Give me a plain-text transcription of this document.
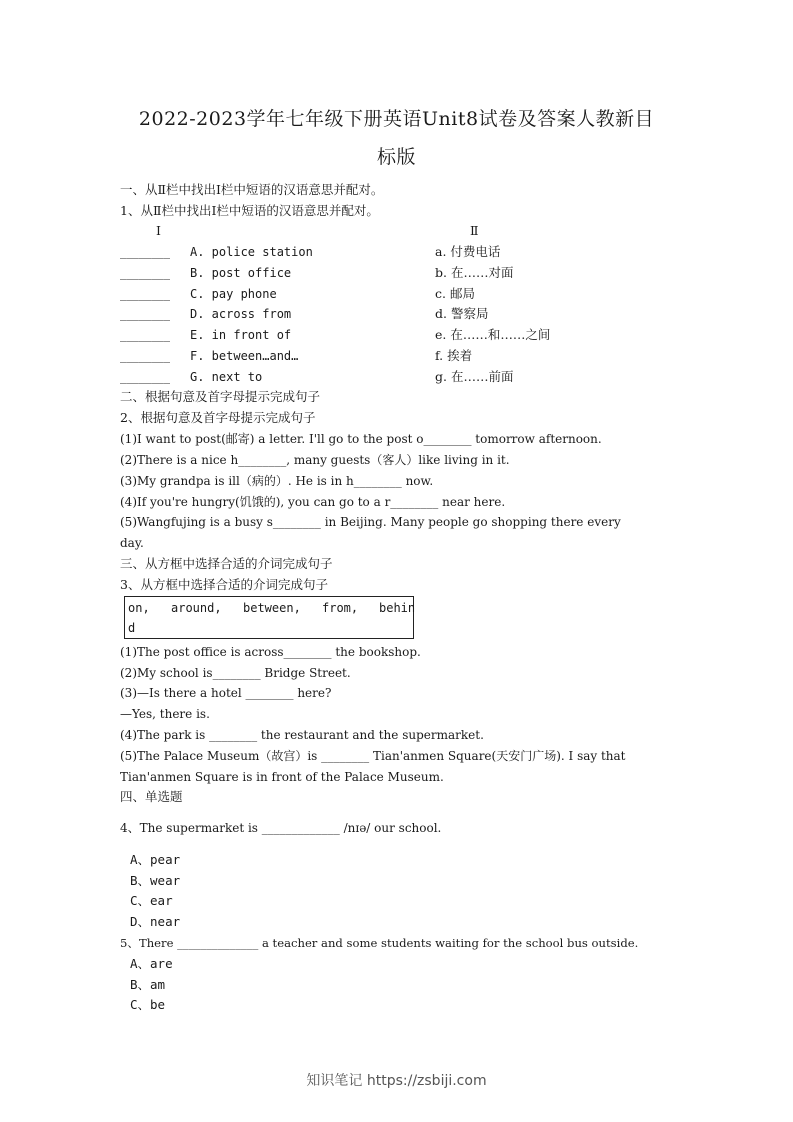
2022-2023学年七年级下册英语Unit8试卷及答案人教新目
标版
一、从Ⅱ栏中找出Ⅰ栏中短语的汉语意思并配对。
1、从Ⅱ栏中找出Ⅰ栏中短语的汉语意思并配对。
Ⅰ	Ⅱ
________ A. police station	a. 付费电话
________ B. post office	b. 在……对面
________ C. pay phone	c. 邮局
________ D. across from	d. 警察局
________ E. in front of	e. 在……和……之间
________ F. between…and…	f. 挨着
________ G. next to	g. 在……前面
二、根据句意及首字母提示完成句子
2、根据句意及首字母提示完成句子
(1)I want to post(邮寄) a letter. I'll go to the post o________ tomorrow afternoon.
(2)There is a nice h________, many guests（客人）like living in it.
(3)My grandpa is ill（病的）. He is in h________ now.
(4)If you're hungry(饥饿的), you can go to a r________ near here.
(5)Wangfujing is a busy s________ in Beijing. Many people go shopping there every
day.
三、从方框中选择合适的介词完成句子
3、从方框中选择合适的介词完成句子
on, around, between, from, behin
d
(1)The post office is across________ the bookshop.
(2)My school is________ Bridge Street.
(3)—Is there a hotel ________ here?
—Yes, there is.
(4)The park is ________ the restaurant and the supermarket.
(5)The Palace Museum（故宫）is ________ Tian'anmen Square(天安门广场). I say that
Tian'anmen Square is in front of the Palace Museum.
四、单选题
4、The supermarket is _____________ /nɪə/ our school.
A、pear
B、wear
C、ear
D、near
5、There ______________ a teacher and some students waiting for the school bus outside.
A、are
B、am
C、be
知识笔记 https://zsbiji.com
